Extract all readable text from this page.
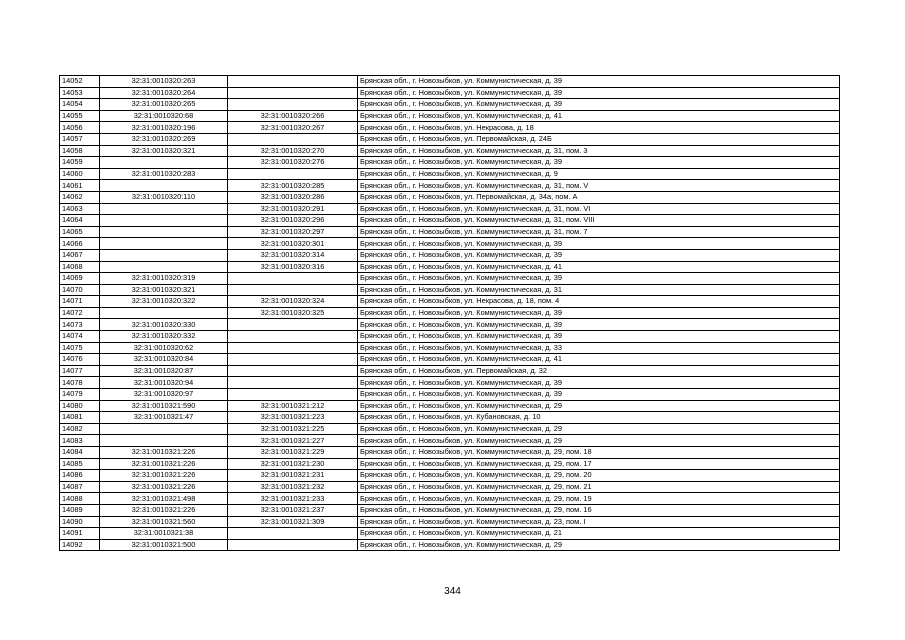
14052	32:31:0010320:263		Брянская обл., г. Новозыбков, ул. Коммунистическая, д. 39
14053	32:31:0010320:264		Брянская обл., г. Новозыбков, ул. Коммунистическая, д. 39
14054	32:31:0010320:265		Брянская обл., г. Новозыбков, ул. Коммунистическая, д. 39
14055	32:31:0010320:68	32:31:0010320:266	Брянская обл., г. Новозыбков, ул. Коммунистическая, д. 41
14056	32:31:0010320:196	32:31:0010320:267	Брянская обл., г. Новозыбков, ул. Некрасова, д. 18
14057	32:31:0010320:269		Брянская обл., г. Новозыбков, ул. Первомайская, д. 24Б
14058	32:31:0010320:321	32:31:0010320:270	Брянская обл., г. Новозыбков, ул. Коммунистическая, д. 31, пом. 3
14059		32:31:0010320:276	Брянская обл., г. Новозыбков, ул. Коммунистическая, д. 39
14060	32:31:0010320:283		Брянская обл., г. Новозыбков, ул. Коммунистическая, д. 9
14061		32:31:0010320:285	Брянская обл., г. Новозыбков, ул. Коммунистическая, д. 31, пом. V
14062	32:31:0010320:110	32:31:0010320:286	Брянская обл., г. Новозыбков, ул. Первомайская, д. 34а, пом. А
14063		32:31:0010320:291	Брянская обл., г. Новозыбков, ул. Коммунистическая, д. 31, пом. VI
14064		32:31:0010320:296	Брянская обл., г. Новозыбков, ул. Коммунистическая, д. 31, пом. VIII
14065		32:31:0010320:297	Брянская обл., г. Новозыбков, ул. Коммунистическая, д. 31, пом. 7
14066		32:31:0010320:301	Брянская обл., г. Новозыбков, ул. Коммунистическая, д. 39
14067		32:31:0010320:314	Брянская обл., г. Новозыбков, ул. Коммунистическая, д. 39
14068		32:31:0010320:316	Брянская обл., г. Новозыбков, ул. Коммунистическая, д. 41
14069	32:31:0010320:319		Брянская обл., г. Новозыбков, ул. Коммунистическая, д. 39
14070	32:31:0010320:321		Брянская обл., г. Новозыбков, ул. Коммунистическая, д. 31
14071	32:31:0010320:322	32:31:0010320:324	Брянская обл., г. Новозыбков, ул. Некрасова, д. 18, пом. 4
14072		32:31:0010320:325	Брянская обл., г. Новозыбков, ул. Коммунистическая, д. 39
14073	32:31:0010320:330		Брянская обл., г. Новозыбков, ул. Коммунистическая, д. 39
14074	32:31:0010320:332		Брянская обл., г. Новозыбков, ул. Коммунистическая, д. 39
14075	32:31:0010320:62		Брянская обл., г. Новозыбков, ул. Коммунистическая, д. 33
14076	32:31:0010320:84		Брянская обл., г. Новозыбков, ул. Коммунистическая, д. 41
14077	32:31:0010320:87		Брянская обл., г. Новозыбков, ул. Первомайская, д. 32
14078	32:31:0010320:94		Брянская обл., г. Новозыбков, ул. Коммунистическая, д. 39
14079	32:31:0010320:97		Брянская обл., г. Новозыбков, ул. Коммунистическая, д. 39
14080	32:31:0010321:590	32:31:0010321:212	Брянская обл., г. Новозыбков, ул. Коммунистическая, д. 29
14081	32:31:0010321:47	32:31:0010321:223	Брянская обл., г. Новозыбков, ул. Кубановская, д. 10
14082		32:31:0010321:225	Брянская обл., г. Новозыбков, ул. Коммунистическая, д. 29
14083		32:31:0010321:227	Брянская обл., г. Новозыбков, ул. Коммунистическая, д. 29
14084	32:31:0010321:226	32:31:0010321:229	Брянская обл., г. Новозыбков, ул. Коммунистическая, д. 29, пом. 18
14085	32:31:0010321:226	32:31:0010321:230	Брянская обл., г. Новозыбков, ул. Коммунистическая, д. 29, пом. 17
14086	32:31:0010321:226	32:31:0010321:231	Брянская обл., г. Новозыбков, ул. Коммунистическая, д. 29, пом. 20
14087	32:31:0010321:226	32:31:0010321:232	Брянская обл., г. Новозыбков, ул. Коммунистическая, д. 29, пом. 21
14088	32:31:0010321:498	32:31:0010321:233	Брянская обл., г. Новозыбков, ул. Коммунистическая, д. 29, пом. 19
14089	32:31:0010321:226	32:31:0010321:237	Брянская обл., г. Новозыбков, ул. Коммунистическая, д. 29, пом. 16
14090	32:31:0010321:560	32:31:0010321:309	Брянская обл., г. Новозыбков, ул. Коммунистическая, д. 23, пом. I
14091	32:31:0010321:38		Брянская обл., г. Новозыбков, ул. Коммунистическая, д. 21
14092	32:31:0010321:500		Брянская обл., г. Новозыбков, ул. Коммунистическая, д. 29
344
